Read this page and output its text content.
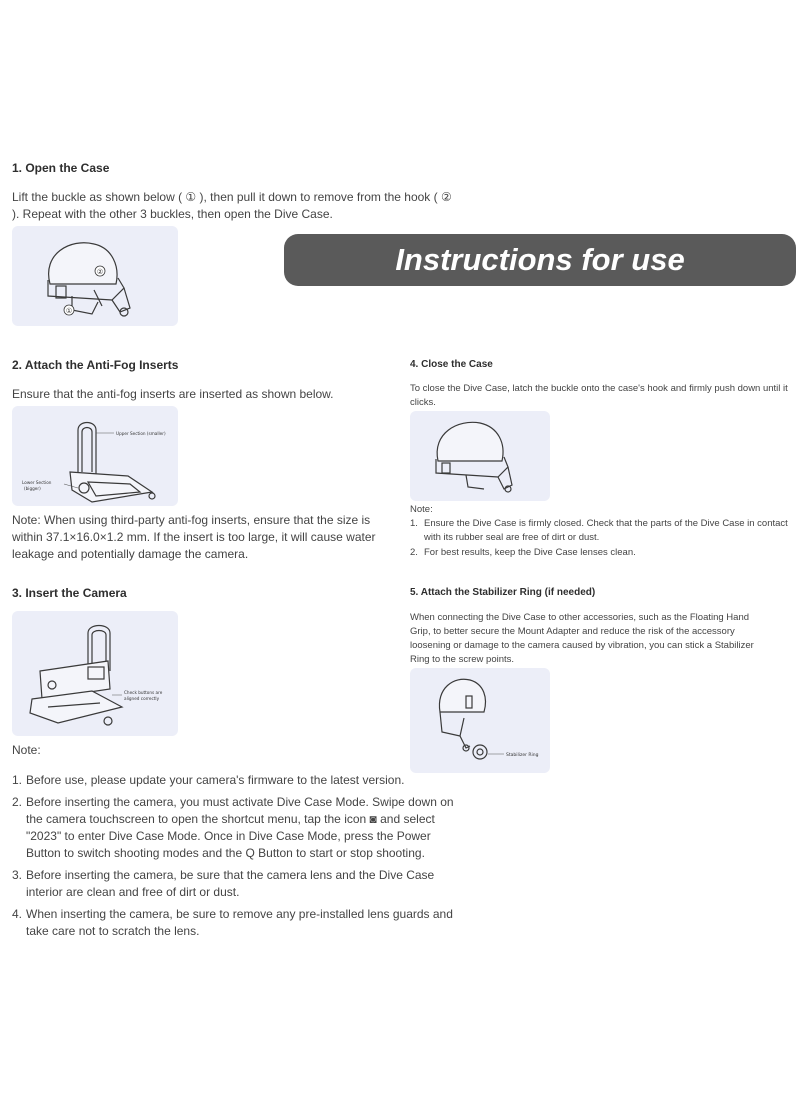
1. Open the Case
Lift the buckle as shown below ( ① ), then pull it down to remove from the hook ( ② ). Repeat with the other 3 buckles, then open the Dive Case.
②
①
Instructions for use
2. Attach the Anti-Fog Inserts
Ensure that the anti-fog inserts are inserted as shown below.
Upper Section (smaller)
Lower Section
(bigger)
Note: When using third-party anti-fog inserts, ensure that the size is within 37.1×16.0×1.2 mm. If the insert is too large, it will cause water leakage and potentially damage the camera.
3. Insert the Camera
Check buttons are
aligned correctly
Note:
1. Before use, please update your camera's firmware to the latest version.
2. Before inserting the camera, you must activate Dive Case Mode. Swipe down on the camera touchscreen to open the shortcut menu, tap the icon ◙ and select "2023" to enter Dive Case Mode. Once in Dive Case Mode, press the Power Button to switch shooting modes and the Q Button to start or stop shooting.
3. Before inserting the camera, be sure that the camera lens and the Dive Case interior are clean and free of dirt or dust.
4. When inserting the camera, be sure to remove any pre-installed lens guards and take care not to scratch the lens.
4. Close the Case
To close the Dive Case, latch the buckle onto the case's hook and firmly push down until it clicks.
Note:
1. Ensure the Dive Case is firmly closed. Check that the parts of the Dive Case in contact with its rubber seal are free of dirt or dust.
2. For best results, keep the Dive Case lenses clean.
5. Attach the Stabilizer Ring (if needed)
When connecting the Dive Case to other accessories, such as the Floating Hand Grip, to better secure the Mount Adapter and reduce the risk of the accessory loosening or damage to the camera caused by vibration, you can stick a Stabilizer Ring to the screw points.
Stabilizer Ring
